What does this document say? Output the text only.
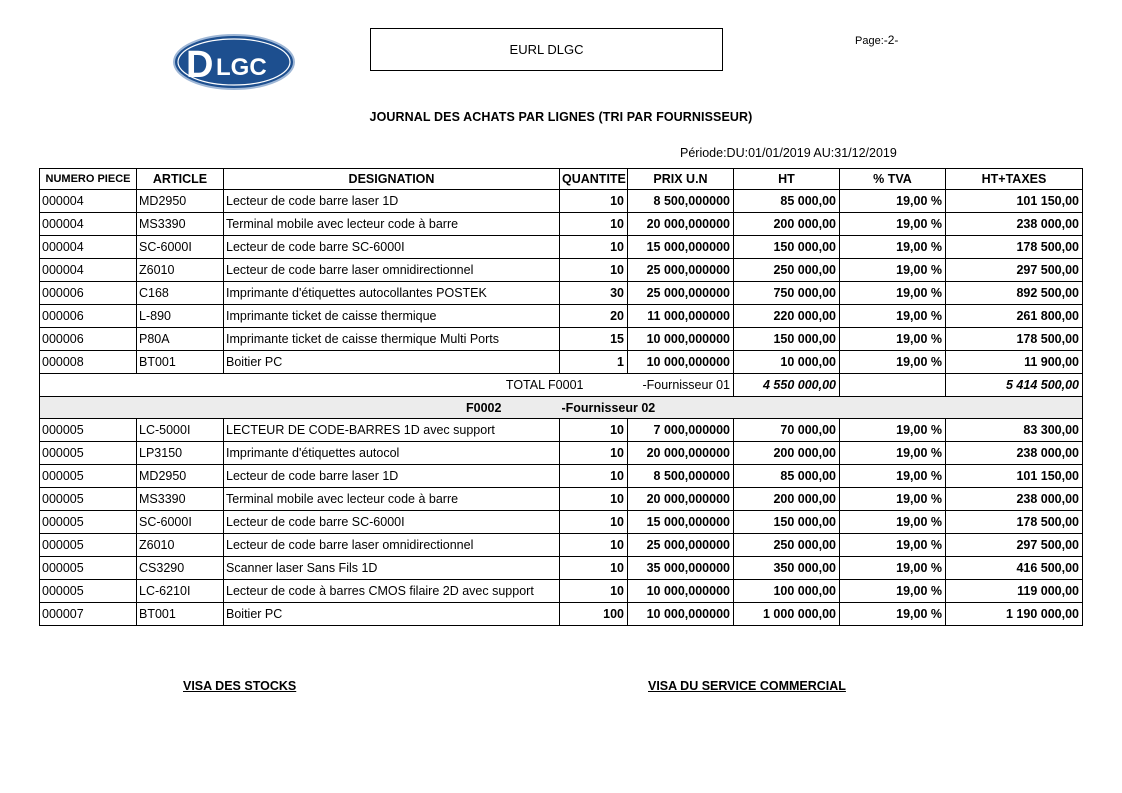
D LGC
EURL DLGC
Page:-2-
JOURNAL DES ACHATS PAR LIGNES (TRI PAR FOURNISSEUR)
Période:DU:01/01/2019 AU:31/12/2019
NUMERO PIECE	ARTICLE	DESIGNATION	QUANTITE	PRIX U.N	HT	% TVA	HT+TAXES
000004	MD2950	Lecteur de code barre laser 1D	10	8 500,000000	85 000,00	19,00 %	101 150,00
000004	MS3390	Terminal mobile avec lecteur code à barre	10	20 000,000000	200 000,00	19,00 %	238 000,00
000004	SC-6000I	Lecteur de code barre SC-6000I	10	15 000,000000	150 000,00	19,00 %	178 500,00
000004	Z6010	Lecteur de code barre laser omnidirectionnel	10	25 000,000000	250 000,00	19,00 %	297 500,00
000006	C168	Imprimante d'étiquettes autocollantes POSTEK	30	25 000,000000	750 000,00	19,00 %	892 500,00
000006	L-890	Imprimante ticket de caisse thermique	20	11 000,000000	220 000,00	19,00 %	261 800,00
000006	P80A	Imprimante ticket de caisse thermique Multi Ports	15	10 000,000000	150 000,00	19,00 %	178 500,00
000008	BT001	Boitier PC	1	10 000,000000	10 000,00	19,00 %	11 900,00
TOTAL F0001				-Fournisseur 01	4 550 000,00		5 414 500,00
F0002 -Fournisseur 02							
000005	LC-5000I	LECTEUR DE CODE-BARRES 1D avec support	10	7 000,000000	70 000,00	19,00 %	83 300,00
000005	LP3150	Imprimante d'étiquettes autocol	10	20 000,000000	200 000,00	19,00 %	238 000,00
000005	MD2950	Lecteur de code barre laser 1D	10	8 500,000000	85 000,00	19,00 %	101 150,00
000005	MS3390	Terminal mobile avec lecteur code à barre	10	20 000,000000	200 000,00	19,00 %	238 000,00
000005	SC-6000I	Lecteur de code barre SC-6000I	10	15 000,000000	150 000,00	19,00 %	178 500,00
000005	Z6010	Lecteur de code barre laser omnidirectionnel	10	25 000,000000	250 000,00	19,00 %	297 500,00
000005	CS3290	Scanner laser Sans Fils 1D	10	35 000,000000	350 000,00	19,00 %	416 500,00
000005	LC-6210I	Lecteur de code à barres CMOS filaire 2D avec support	10	10 000,000000	100 000,00	19,00 %	119 000,00
000007	BT001	Boitier PC	100	10 000,000000	1 000 000,00	19,00 %	1 190 000,00
VISA DES STOCKS	VISA DU SERVICE COMMERCIAL
